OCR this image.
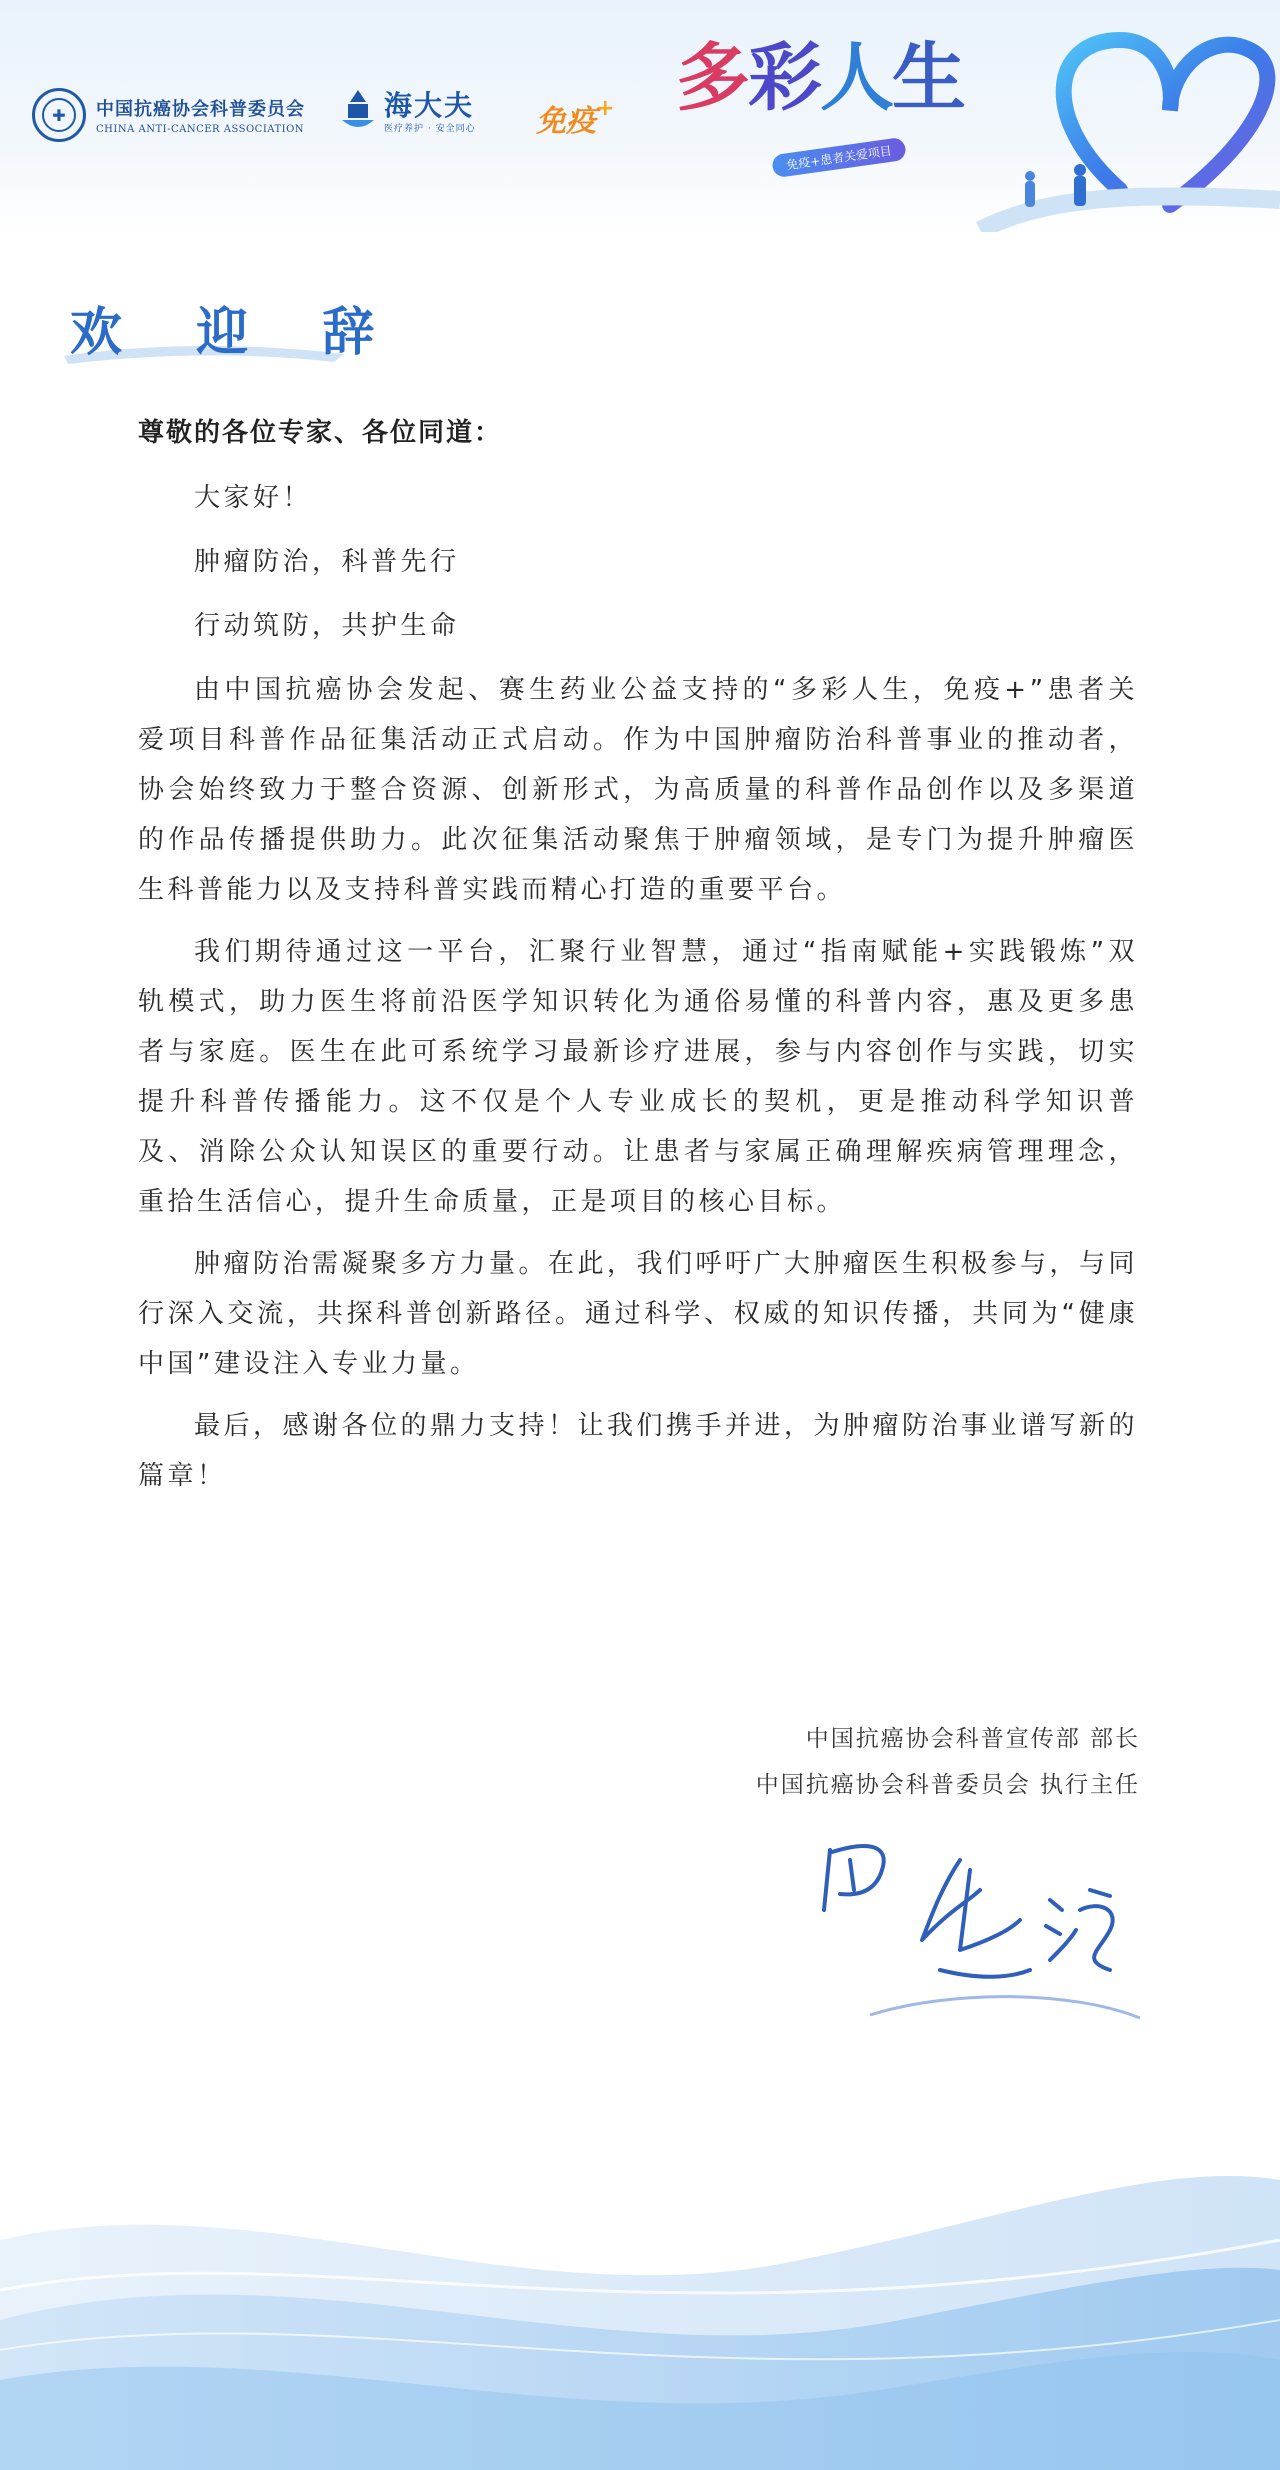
✚	中国抗癌协会科普委员会
CHINA ANTI-CANCER ASSOCIATION
海大夫
医疗养护 · 安全同心 免疫+ 多彩人生
免疫+患者关爱项目
欢 迎 辞

尊敬的各位专家、各位同道：

大家好！

肿瘤防治，科普先行

行动筑防，共护生命

由中国抗癌协会发起、赛生药业公益支持的“多彩人生，免疫+”患者关爱项目科普作品征集活动正式启动。作为中国肿瘤防治科普事业的推动者，协会始终致力于整合资源、创新形式，为高质量的科普作品创作以及多渠道的作品传播提供助力。此次征集活动聚焦于肿瘤领域，是专门为提升肿瘤医生科普能力以及支持科普实践而精心打造的重要平台。

我们期待通过这一平台，汇聚行业智慧，通过“指南赋能+实践锻炼”双轨模式，助力医生将前沿医学知识转化为通俗易懂的科普内容，惠及更多患者与家庭。医生在此可系统学习最新诊疗进展，参与内容创作与实践，切实提升科普传播能力。这不仅是个人专业成长的契机，更是推动科学知识普及、消除公众认知误区的重要行动。让患者与家属正确理解疾病管理理念，重拾生活信心，提升生命质量，正是项目的核心目标。

肿瘤防治需凝聚多方力量。在此，我们呼吁广大肿瘤医生积极参与，与同行深入交流，共探科普创新路径。通过科学、权威的知识传播，共同为“健康中国”建设注入专业力量。

最后，感谢各位的鼎力支持！让我们携手并进，为肿瘤防治事业谱写新的篇章！

中国抗癌协会科普宣传部 部长
中国抗癌协会科普委员会 执行主任
